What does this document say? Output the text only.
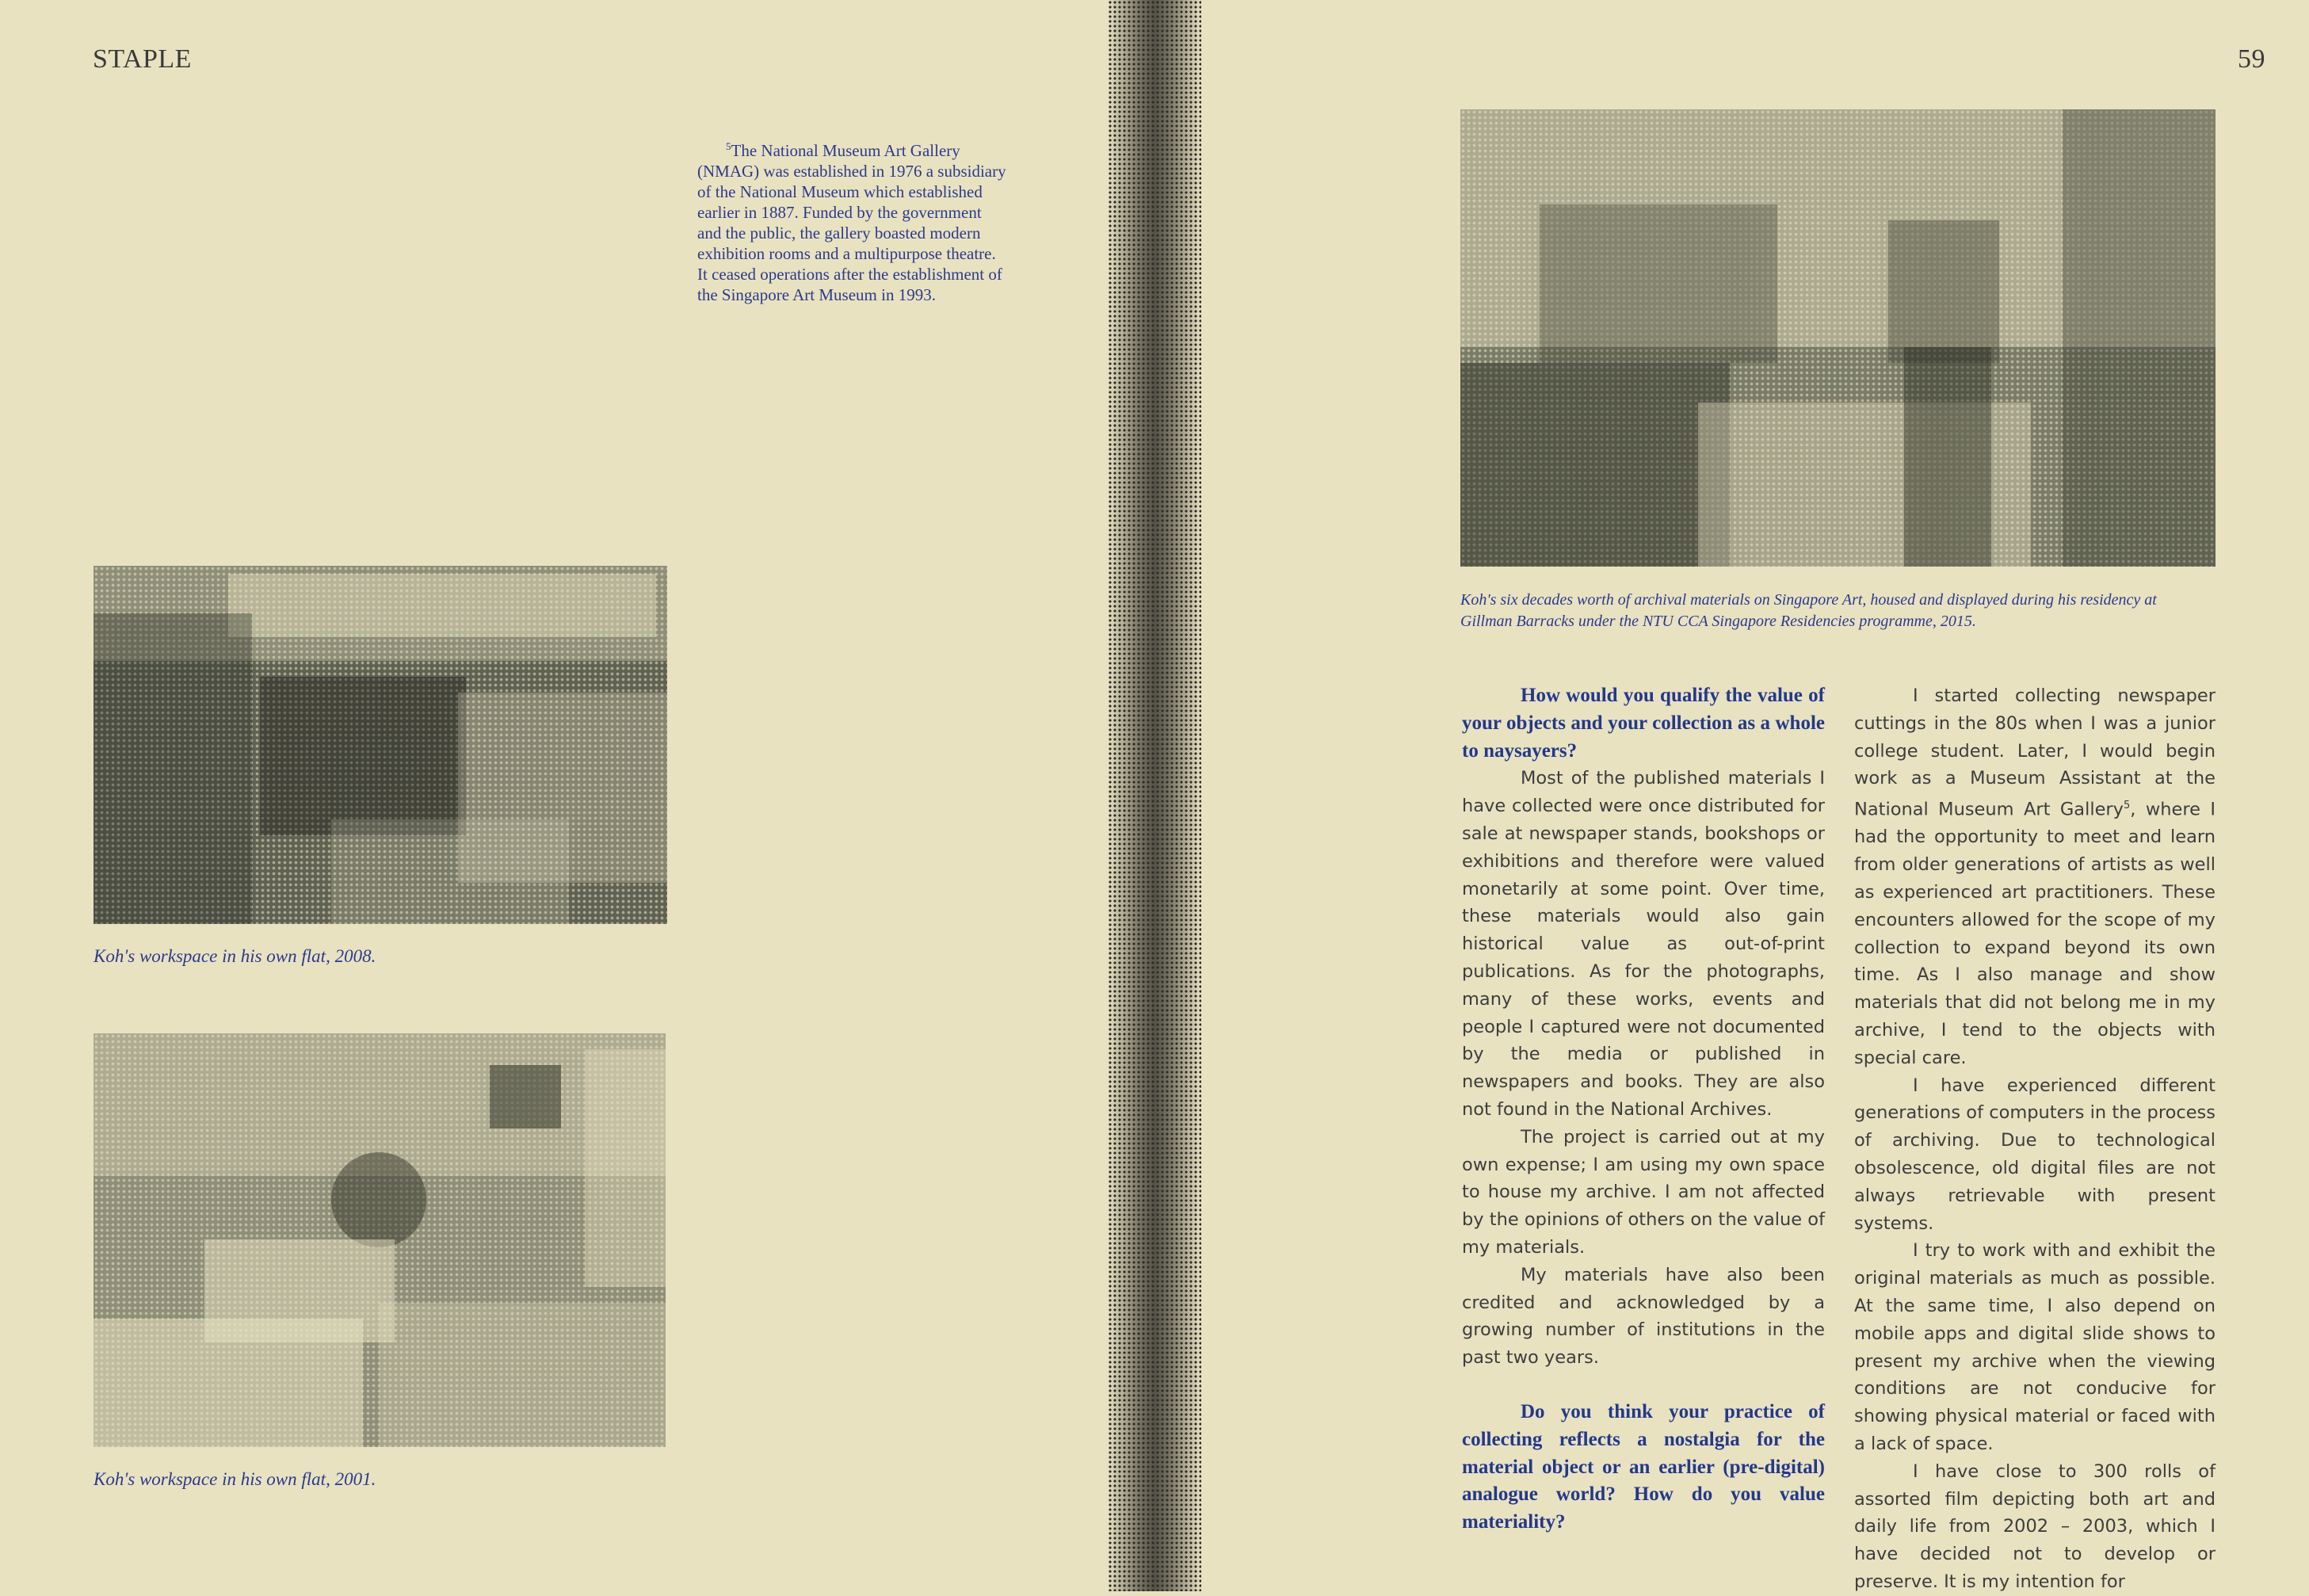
STAPLE	59
$^5$The National Museum Art Gallery (NMAG) was established in 1976 a subsidiary of the National Museum which established earlier in 1887. Funded by the government and the public, the gallery boasted modern exhibition rooms and a multipurpose theatre. It ceased operations after the establishment of the Singapore Art Museum in 1993.
Koh's workspace in his own flat, 2008.
Koh's workspace in his own flat, 2001.
Koh's six decades worth of archival materials on Singapore Art, housed and displayed during his residency at Gillman Barracks under the NTU CCA Singapore Residencies programme, 2015.

How would you qualify the value of your objects and your collection as a whole to naysayers?

Most of the published materials I have collected were once distributed for sale at newspaper stands, bookshops or exhibitions and therefore were valued monetarily at some point. Over time, these materials would also gain historical value as out-of-print publications. As for the photographs, many of these works, events and people I captured were not documented by the media or published in newspapers and books. They are also not found in the National Archives.

The project is carried out at my own expense; I am using my own space to house my archive. I am not affected by the opinions of others on the value of my materials.

My materials have also been credited and acknowledged by a growing number of institutions in the past two years.

Do you think your practice of collecting reflects a nostalgia for the material object or an earlier (pre-digital) analogue world? How do you value materiality?

I started collecting newspaper cuttings in the 80s when I was a junior college student. Later, I would begin work as a Museum Assistant at the National Museum Art Gallery$^5$, where I had the opportunity to meet and learn from older generations of artists as well as experienced art practitioners. These encounters allowed for the scope of my collection to expand beyond its own time. As I also manage and show materials that did not belong me in my archive, I tend to the objects with special care.

I have experienced different generations of computers in the process of archiving. Due to technological obsolescence, old digital files are not always retrievable with present systems.

I try to work with and exhibit the original materials as much as possible. At the same time, I also depend on mobile apps and digital slide shows to present my archive when the viewing conditions are not conducive for showing physical material or faced with a lack of space.

I have close to 300 rolls of assorted film depicting both art and daily life from 2002 – 2003, which I have decided not to develop or preserve. It is my intention for
